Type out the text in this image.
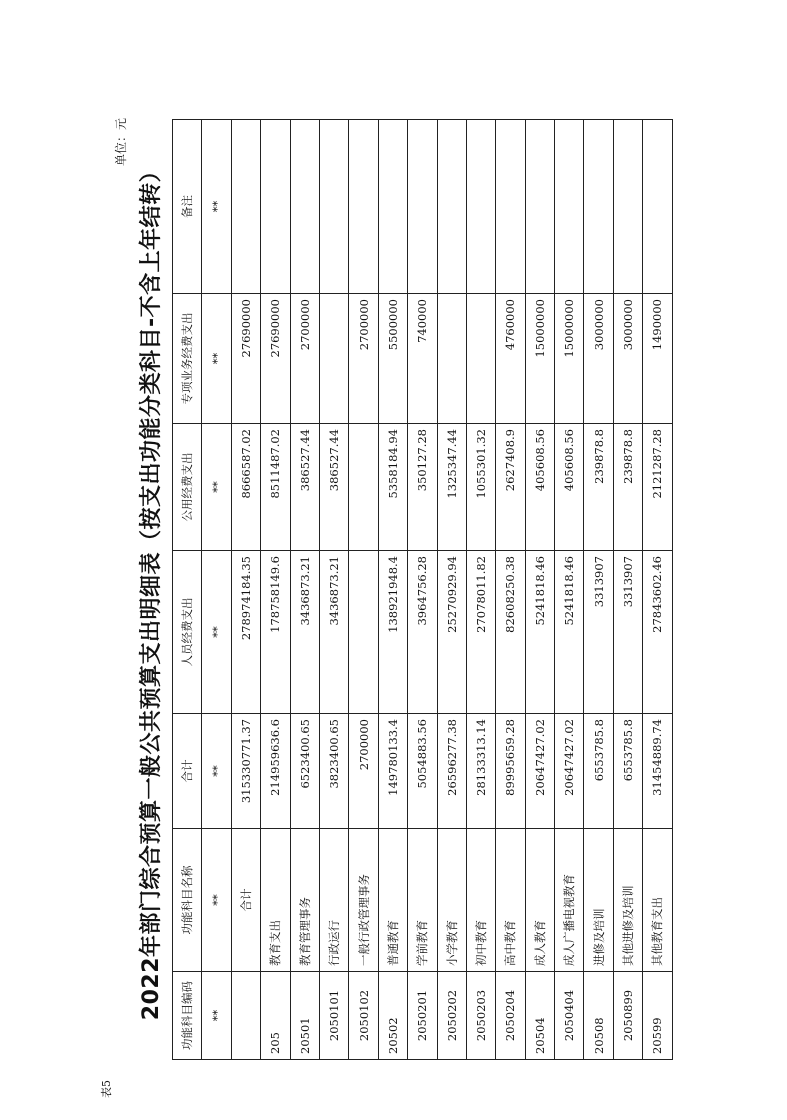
表5
单位：元
2022年部门综合预算一般公共预算支出明细表（按支出功能分类科目-不含上年结转） 功能科目编码	功能科目名称	合计	人员经费支出	公用经费支出	专项业务经费支出	备注
**	**	**	**	**	**	**
	合计	315330771.37	278974184.35	8666587.02	27690000	
205	教育支出	214959636.6	178758149.6	8511487.02	27690000	
20501	教育管理事务	6523400.65	3436873.21	386527.44	2700000	
2050101	行政运行	3823400.65	3436873.21	386527.44		
2050102	一般行政管理事务	2700000			2700000	
20502	普通教育	149780133.4	138921948.4	5358184.94	5500000	
2050201	学前教育	5054883.56	3964756.28	350127.28	740000	
2050202	小学教育	26596277.38	25270929.94	1325347.44		
2050203	初中教育	28133313.14	27078011.82	1055301.32		
2050204	高中教育	89995659.28	82608250.38	2627408.9	4760000	
20504	成人教育	20647427.02	5241818.46	405608.56	15000000	
2050404	成人广播电视教育	20647427.02	5241818.46	405608.56	15000000	
20508	进修及培训	6553785.8	3313907	239878.8	3000000	
2050899	其他进修及培训	6553785.8	3313907	239878.8	3000000	
20599	其他教育支出	31454889.74	27843602.46	2121287.28	1490000	
